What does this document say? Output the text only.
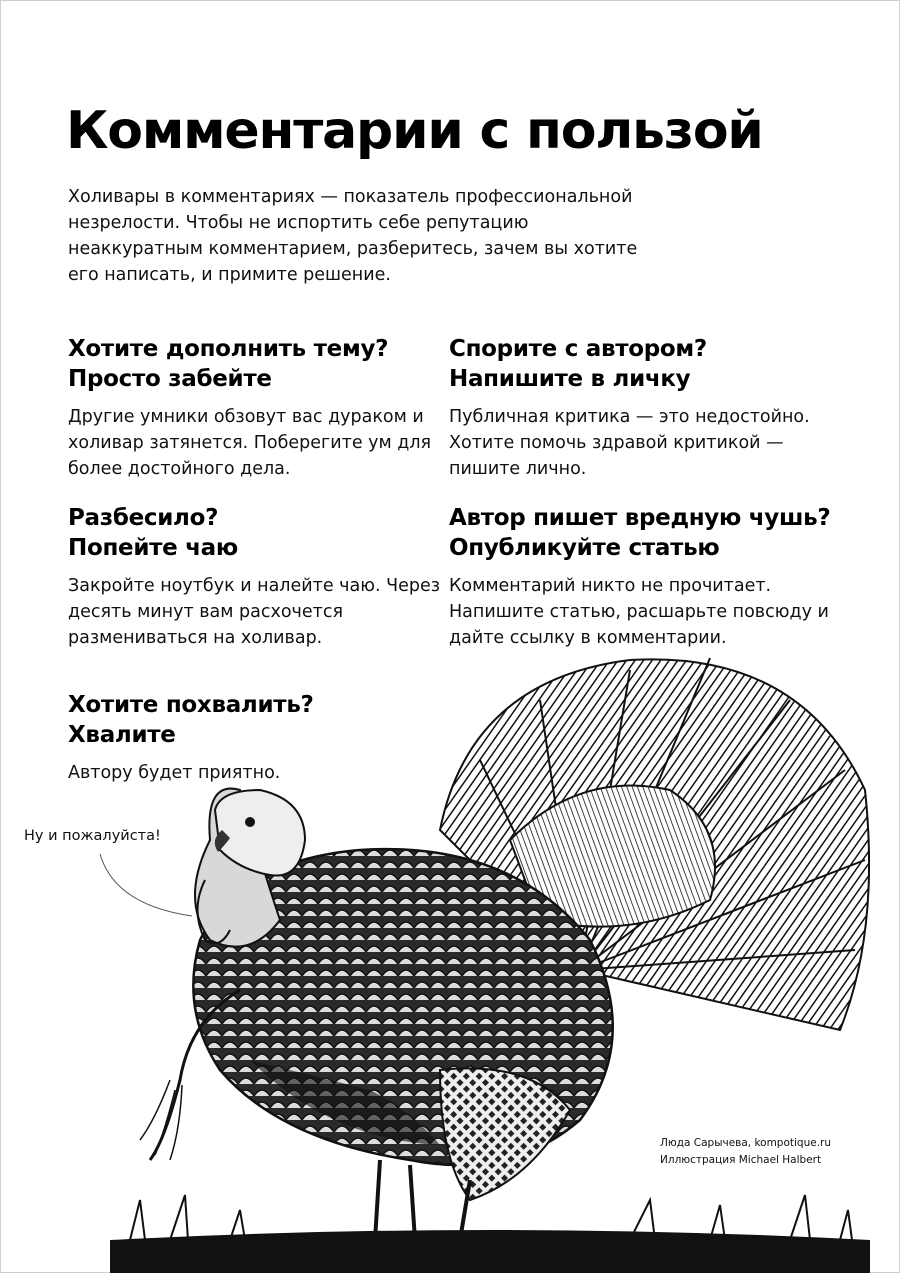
Комментарии с пользой

Холивары в комментариях — показатель профессиональной незрелости. Чтобы не испортить себе репутацию неаккуратным комментарием, разберитесь, зачем вы хотите его написать, и примите решение.

Хотите дополнить тему?
Просто забейте

Другие умники обзовут вас дураком и холивар затянется. Поберегите ум для более достойного дела.

Спорите с автором?
Напишите в личку

Публичная критика — это недостойно. Хотите помочь здравой критикой — пишите лично.

Разбесило?
Попейте чаю

Закройте ноутбук и налейте чаю. Через десять минут вам расхочется размениваться на холивар.

Автор пишет вредную чушь?
Опубликуйте статью

Комментарий никто не прочитает. Напишите статью, расшарьте повсюду и дайте ссылку в комментарии.

Хотите похвалить?
Хвалите

Автору будет приятно.

Ну и пожалуйста!

Люда Сарычева, kompotique.ru
Иллюстрация Michael Halbert
